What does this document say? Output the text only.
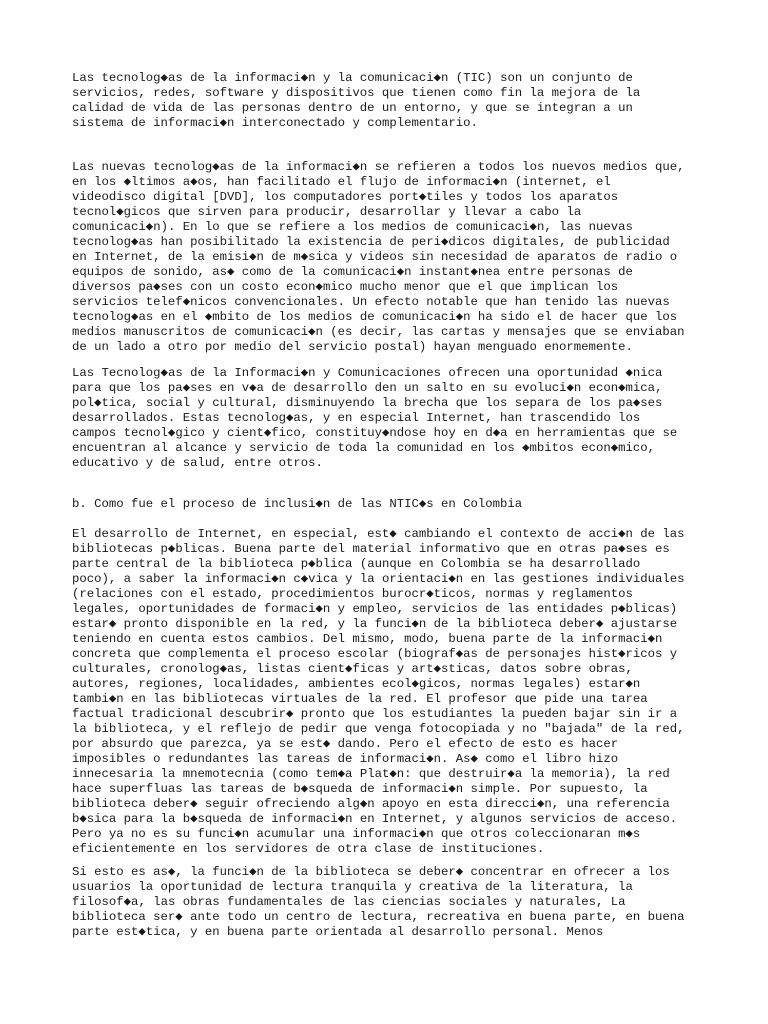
Las tecnolog◆as de la informaci◆n y la comunicaci◆n (TIC) son un conjunto de
servicios, redes, software y dispositivos que tienen como fin la mejora de la
calidad de vida de las personas dentro de un entorno, y que se integran a un
sistema de informaci◆n interconectado y complementario.
Las nuevas tecnolog◆as de la informaci◆n se refieren a todos los nuevos medios que,
en los ◆ltimos a◆os, han facilitado el flujo de informaci◆n (internet, el
videodisco digital [DVD], los computadores port◆tiles y todos los aparatos
tecnol◆gicos que sirven para producir, desarrollar y llevar a cabo la
comunicaci◆n). En lo que se refiere a los medios de comunicaci◆n, las nuevas
tecnolog◆as han posibilitado la existencia de peri◆dicos digitales, de publicidad
en Internet, de la emisi◆n de m◆sica y videos sin necesidad de aparatos de radio o
equipos de sonido, as◆ como de la comunicaci◆n instant◆nea entre personas de
diversos pa◆ses con un costo econ◆mico mucho menor que el que implican los
servicios telef◆nicos convencionales. Un efecto notable que han tenido las nuevas
tecnolog◆as en el ◆mbito de los medios de comunicaci◆n ha sido el de hacer que los
medios manuscritos de comunicaci◆n (es decir, las cartas y mensajes que se enviaban
de un lado a otro por medio del servicio postal) hayan menguado enormemente.
Las Tecnolog◆as de la Informaci◆n y Comunicaciones ofrecen una oportunidad ◆nica
para que los pa◆ses en v◆a de desarrollo den un salto en su evoluci◆n econ◆mica,
pol◆tica, social y cultural, disminuyendo la brecha que los separa de los pa◆ses
desarrollados. Estas tecnolog◆as, y en especial Internet, han trascendido los
campos tecnol◆gico y cient◆fico, constituy◆ndose hoy en d◆a en herramientas que se
encuentran al alcance y servicio de toda la comunidad en los ◆mbitos econ◆mico,
educativo y de salud, entre otros.
b. Como fue el proceso de inclusi◆n de las NTIC◆s en Colombia
El desarrollo de Internet, en especial, est◆ cambiando el contexto de acci◆n de las
bibliotecas p◆blicas. Buena parte del material informativo que en otras pa◆ses es
parte central de la biblioteca p◆blica (aunque en Colombia se ha desarrollado
poco), a saber la informaci◆n c◆vica y la orientaci◆n en las gestiones individuales
(relaciones con el estado, procedimientos burocr◆ticos, normas y reglamentos
legales, oportunidades de formaci◆n y empleo, servicios de las entidades p◆blicas)
estar◆ pronto disponible en la red, y la funci◆n de la biblioteca deber◆ ajustarse
teniendo en cuenta estos cambios. Del mismo, modo, buena parte de la informaci◆n
concreta que complementa el proceso escolar (biograf◆as de personajes hist◆ricos y
culturales, cronolog◆as, listas cient◆ficas y art◆sticas, datos sobre obras,
autores, regiones, localidades, ambientes ecol◆gicos, normas legales) estar◆n
tambi◆n en las bibliotecas virtuales de la red. El profesor que pide una tarea
factual tradicional descubrir◆ pronto que los estudiantes la pueden bajar sin ir a
la biblioteca, y el reflejo de pedir que venga fotocopiada y no "bajada" de la red,
por absurdo que parezca, ya se est◆ dando. Pero el efecto de esto es hacer
imposibles o redundantes las tareas de informaci◆n. As◆ como el libro hizo
innecesaria la mnemotecnia (como tem◆a Plat◆n: que destruir◆a la memoria), la red
hace superfluas las tareas de b◆squeda de informaci◆n simple. Por supuesto, la
biblioteca deber◆ seguir ofreciendo alg◆n apoyo en esta direcci◆n, una referencia
b◆sica para la b◆squeda de informaci◆n en Internet, y algunos servicios de acceso.
Pero ya no es su funci◆n acumular una informaci◆n que otros coleccionaran m◆s
eficientemente en los servidores de otra clase de instituciones.
Si esto es as◆, la funci◆n de la biblioteca se deber◆ concentrar en ofrecer a los
usuarios la oportunidad de lectura tranquila y creativa de la literatura, la
filosof◆a, las obras fundamentales de las ciencias sociales y naturales, La
biblioteca ser◆ ante todo un centro de lectura, recreativa en buena parte, en buena
parte est◆tica, y en buena parte orientada al desarrollo personal. Menos
